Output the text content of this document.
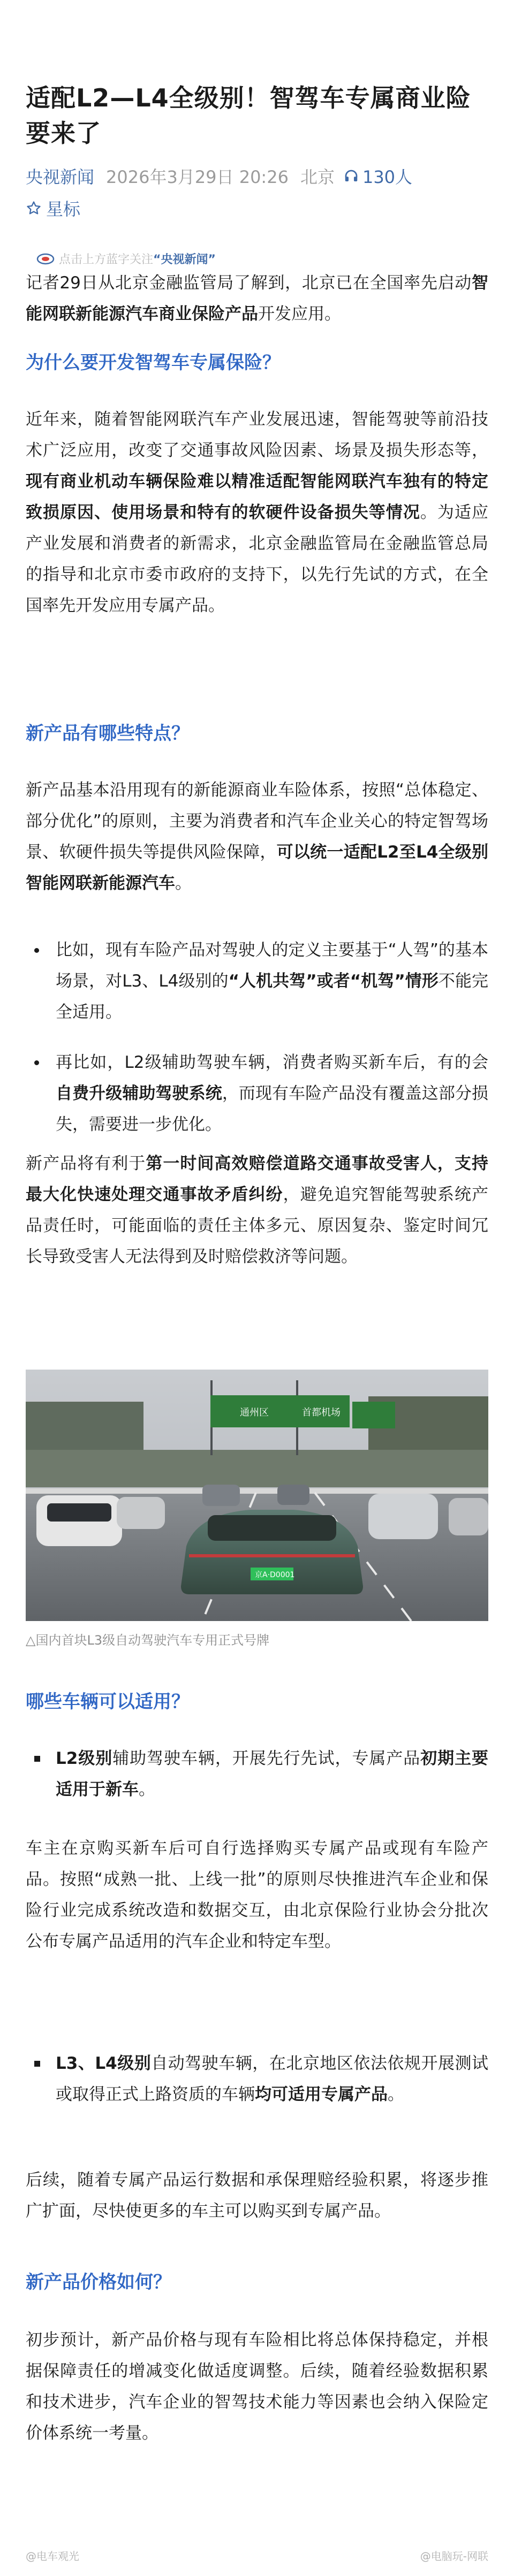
适配L2—L4全级别！智驾车专属商业险要来了
央视新闻 2026年3月29日 20:26 北京 130人
星标
点击上方蓝字关注 “央视新闻”

记者29日从北京金融监管局了解到，北京已在全国率先启动智能网联新能源汽车商业保险产品开发应用。

为什么要开发智驾车专属保险？

近年来，随着智能网联汽车产业发展迅速，智能驾驶等前沿技术广泛应用，改变了交通事故风险因素、场景及损失形态等，现有商业机动车辆保险难以精准适配智能网联汽车独有的特定致损原因、使用场景和特有的软硬件设备损失等情况。为适应产业发展和消费者的新需求，北京金融监管局在金融监管总局的指导和北京市委市政府的支持下，以先行先试的方式，在全国率先开发应用专属产品。

新产品有哪些特点？

新产品基本沿用现有的新能源商业车险体系，按照“总体稳定、部分优化”的原则，主要为消费者和汽车企业关心的特定智驾场景、软硬件损失等提供风险保障，可以统一适配L2至L4全级别智能网联新能源汽车。

比如，现有车险产品对驾驶人的定义主要基于“人驾”的基本场景，对L3、L4级别的“人机共驾”或者“机驾”情形不能完全适用。
再比如，L2级辅助驾驶车辆，消费者购买新车后，有的会自费升级辅助驾驶系统，而现有车险产品没有覆盖这部分损失，需要进一步优化。

新产品将有利于第一时间高效赔偿道路交通事故受害人，支持最大化快速处理交通事故矛盾纠纷，避免追究智能驾驶系统产品责任时，可能面临的责任主体多元、原因复杂、鉴定时间冗长导致受害人无法得到及时赔偿救济等问题。

通州区	首都机场
京A·D0001
△国内首块L3级自动驾驶汽车专用正式号牌
哪些车辆可以适用？
L2级别辅助驾驶车辆，开展先行先试，专属产品初期主要适用于新车。

车主在京购买新车后可自行选择购买专属产品或现有车险产品。按照“成熟一批、上线一批”的原则尽快推进汽车企业和保险行业完成系统改造和数据交互，由北京保险行业协会分批次公布专属产品适用的汽车企业和特定车型。

L3、L4级别自动驾驶车辆，在北京地区依法依规开展测试或取得正式上路资质的车辆均可适用专属产品。

后续，随着专属产品运行数据和承保理赔经验积累，将逐步推广扩面，尽快使更多的车主可以购买到专属产品。

新产品价格如何？

初步预计，新产品价格与现有车险相比将总体保持稳定，并根据保障责任的增减变化做适度调整。后续，随着经验数据积累和技术进步，汽车企业的智驾技术能力等因素也会纳入保险定价体系统一考量。

@电车观光	@电脑玩-网联
